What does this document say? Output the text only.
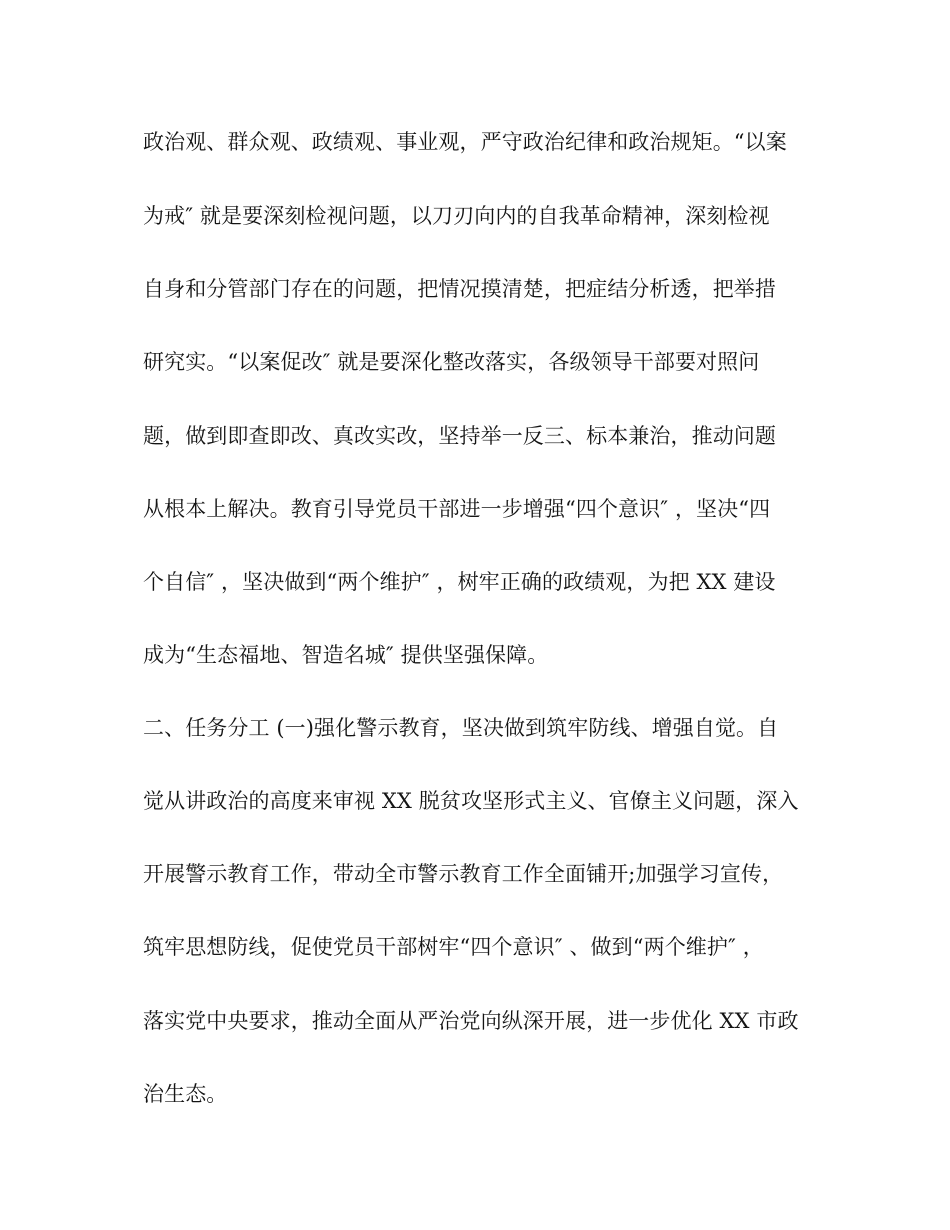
政治观、群众观、政绩观、事业观，严守政治纪律和政治规矩。“以案
为戒″ 就是要深刻检视问题，以刀刃向内的自我革命精神，深刻检视
自身和分管部门存在的问题，把情况摸清楚，把症结分析透，把举措
研究实。“以案促改″ 就是要深化整改落实，各级领导干部要对照问
题，做到即查即改、真改实改，坚持举一反三、标本兼治，推动问题
从根本上解决。教育引导党员干部进一步增强“四个意识″ ，坚决“四
个自信″ ，坚决做到“两个维护″ ，树牢正确的政绩观，为把 XX 建设
成为“生态福地、智造名城″ 提供坚强保障。
二、任务分工 (一)强化警示教育，坚决做到筑牢防线、增强自觉。自
觉从讲政治的高度来审视 XX 脱贫攻坚形式主义、官僚主义问题，深入
开展警示教育工作，带动全市警示教育工作全面铺开;加强学习宣传，
筑牢思想防线，促使党员干部树牢“四个意识″ 、做到“两个维护″ ，
落实党中央要求，推动全面从严治党向纵深开展，进一步优化 XX 市政
治生态。
